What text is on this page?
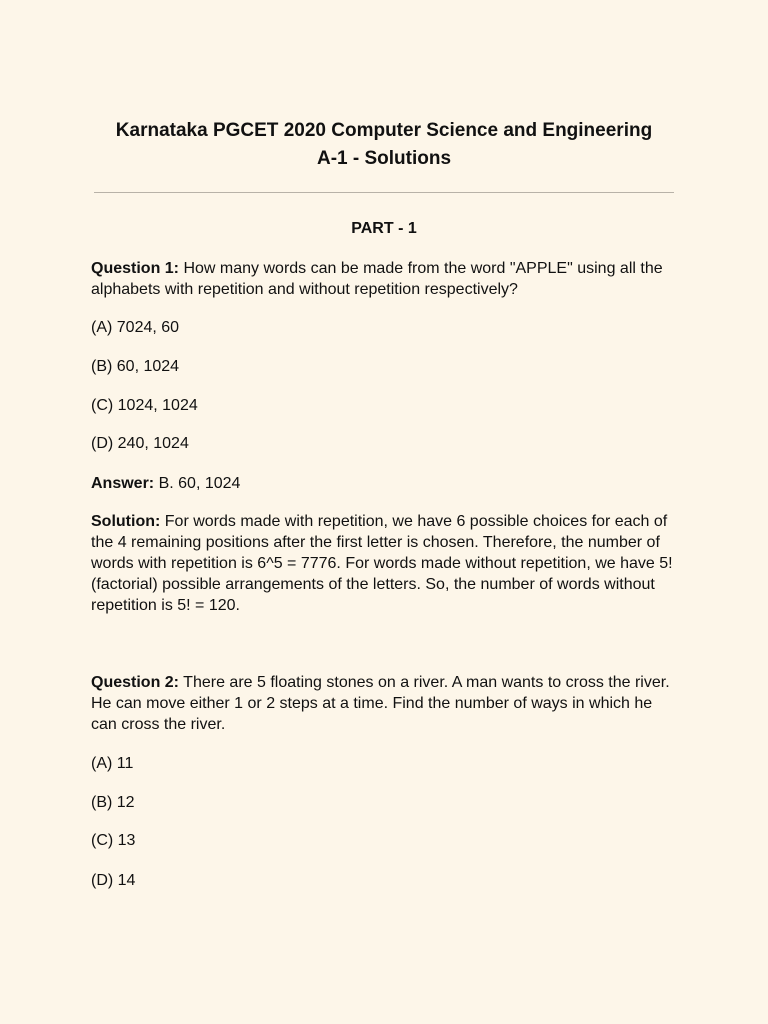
Karnataka PGCET 2020 Computer Science and Engineering
A-1 - Solutions
PART - 1
Question 1: How many words can be made from the word "APPLE" using all the alphabets with repetition and without repetition respectively?
(A) 7024, 60
(B) 60, 1024
(C) 1024, 1024
(D) 240, 1024
Answer: B. 60, 1024
Solution: For words made with repetition, we have 6 possible choices for each of the 4 remaining positions after the first letter is chosen. Therefore, the number of words with repetition is 6^5 = 7776. For words made without repetition, we have 5! (factorial) possible arrangements of the letters. So, the number of words without repetition is 5! = 120.
Question 2: There are 5 floating stones on a river. A man wants to cross the river. He can move either 1 or 2 steps at a time. Find the number of ways in which he can cross the river.
(A) 11
(B) 12
(C) 13
(D) 14
